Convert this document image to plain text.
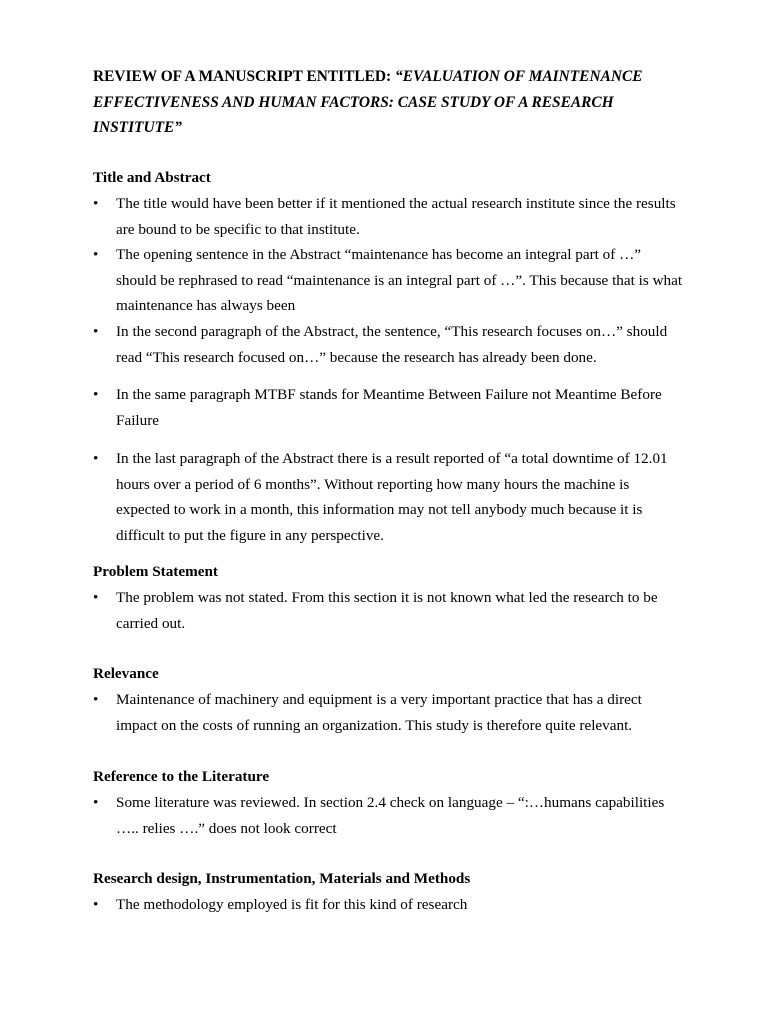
REVIEW OF A MANUSCRIPT ENTITLED: “EVALUATION OF MAINTENANCE EFFECTIVENESS AND HUMAN FACTORS: CASE STUDY OF A RESEARCH INSTITUTE”
Title and Abstract
•	The title would have been better if it mentioned the actual research institute since the results are bound to be specific to that institute.
•	The opening sentence in the Abstract “maintenance has become an integral part of …” should be rephrased to read “maintenance is an integral part of …”. This because that is what maintenance has always been
•	In the second paragraph of the Abstract, the sentence, “This research focuses on…” should read “This research focused on…” because the research has already been done.
•	In the same paragraph MTBF stands for Meantime Between Failure not Meantime Before Failure
•	In the last paragraph of the Abstract there is a result reported of “a total downtime of 12.01 hours over a period of 6 months”. Without reporting how many hours the machine is expected to work in a month, this information may not tell anybody much because it is difficult to put the figure in any perspective.
Problem Statement
•	The problem was not stated. From this section it is not known what led the research to be carried out.
Relevance
•	Maintenance of machinery and equipment is a very important practice that has a direct impact on the costs of running an organization. This study is therefore quite relevant.
Reference to the Literature
•	Some literature was reviewed. In section 2.4 check on language – “:…humans capabilities ….. relies ….” does not look correct
Research design, Instrumentation, Materials and Methods
•	The methodology employed is fit for this kind of research
